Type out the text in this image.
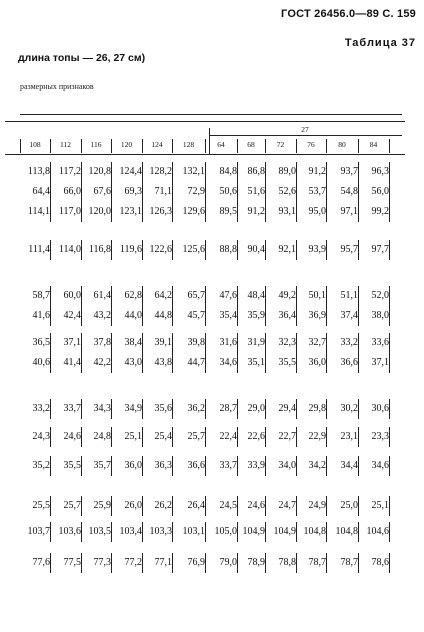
ГОСТ 26456.0—89 С. 159
Таблица 37
длина топы — 26, 27 см)
размерных признаков
27
108	112	116	120	124	128	64	68	72	76	80	84
113,8 117,2 120,8 124,4 128,2	132,1	84,8	86,8	89,0	91,2	93,7	96,3
64,4	66,0	67,6	69,3	71,1	72,9	50,6	51,6	52,6	53,7	54,8	56,0
114,1 117,0 120,0 123,1 126,3	129,6	89,5	91,2	93,1	95,0	97,1	99,2
111,4 114,0 116,8 119,6 122,6	125,6	88,8	90,4	92,1	93,9	95,7	97,7
58,7	60,0	61,4	62,8	64,2	65,7	47,6	48,4	49,2	50,1	51,1	52,0
41,6	42,4	43,2	44,0	44,8	45,7	35,4	35,9	36,4	36,9	37,4	38,0
36,5	37,1	37,8	38,4	39,1	39,8	31,6	31,9	32,3	32,7	33,2	33,6
40,6	41,4	42,2	43,0	43,8	44,7	34,6	35,1	35,5	36,0	36,6	37,1
33,2	33,7	34,3	34,9	35,6	36,2	28,7	29,0	29,4	29,8	30,2	30,6
24,3	24,6	24,8	25,1	25,4	25,7	22,4	22,6	22,7	22,9	23,1	23,3
35,2	35,5	35,7	36,0	36,3	36,6	33,7	33,9	34,0	34,2	34,4	34,6
25,5	25,7	25,9	26,0	26,2	26,4	24,5	24,6	24,7	24,9	25,0	25,1
103,7 103,6 103,5 103,4 103,3	103,1 105,0 104,9 104,9 104,8 104,8 104,6
77,6	77,5	77,3	77,2	77,1	76,9	79,0	78,9	78,8	78,7	78,7	78,6
